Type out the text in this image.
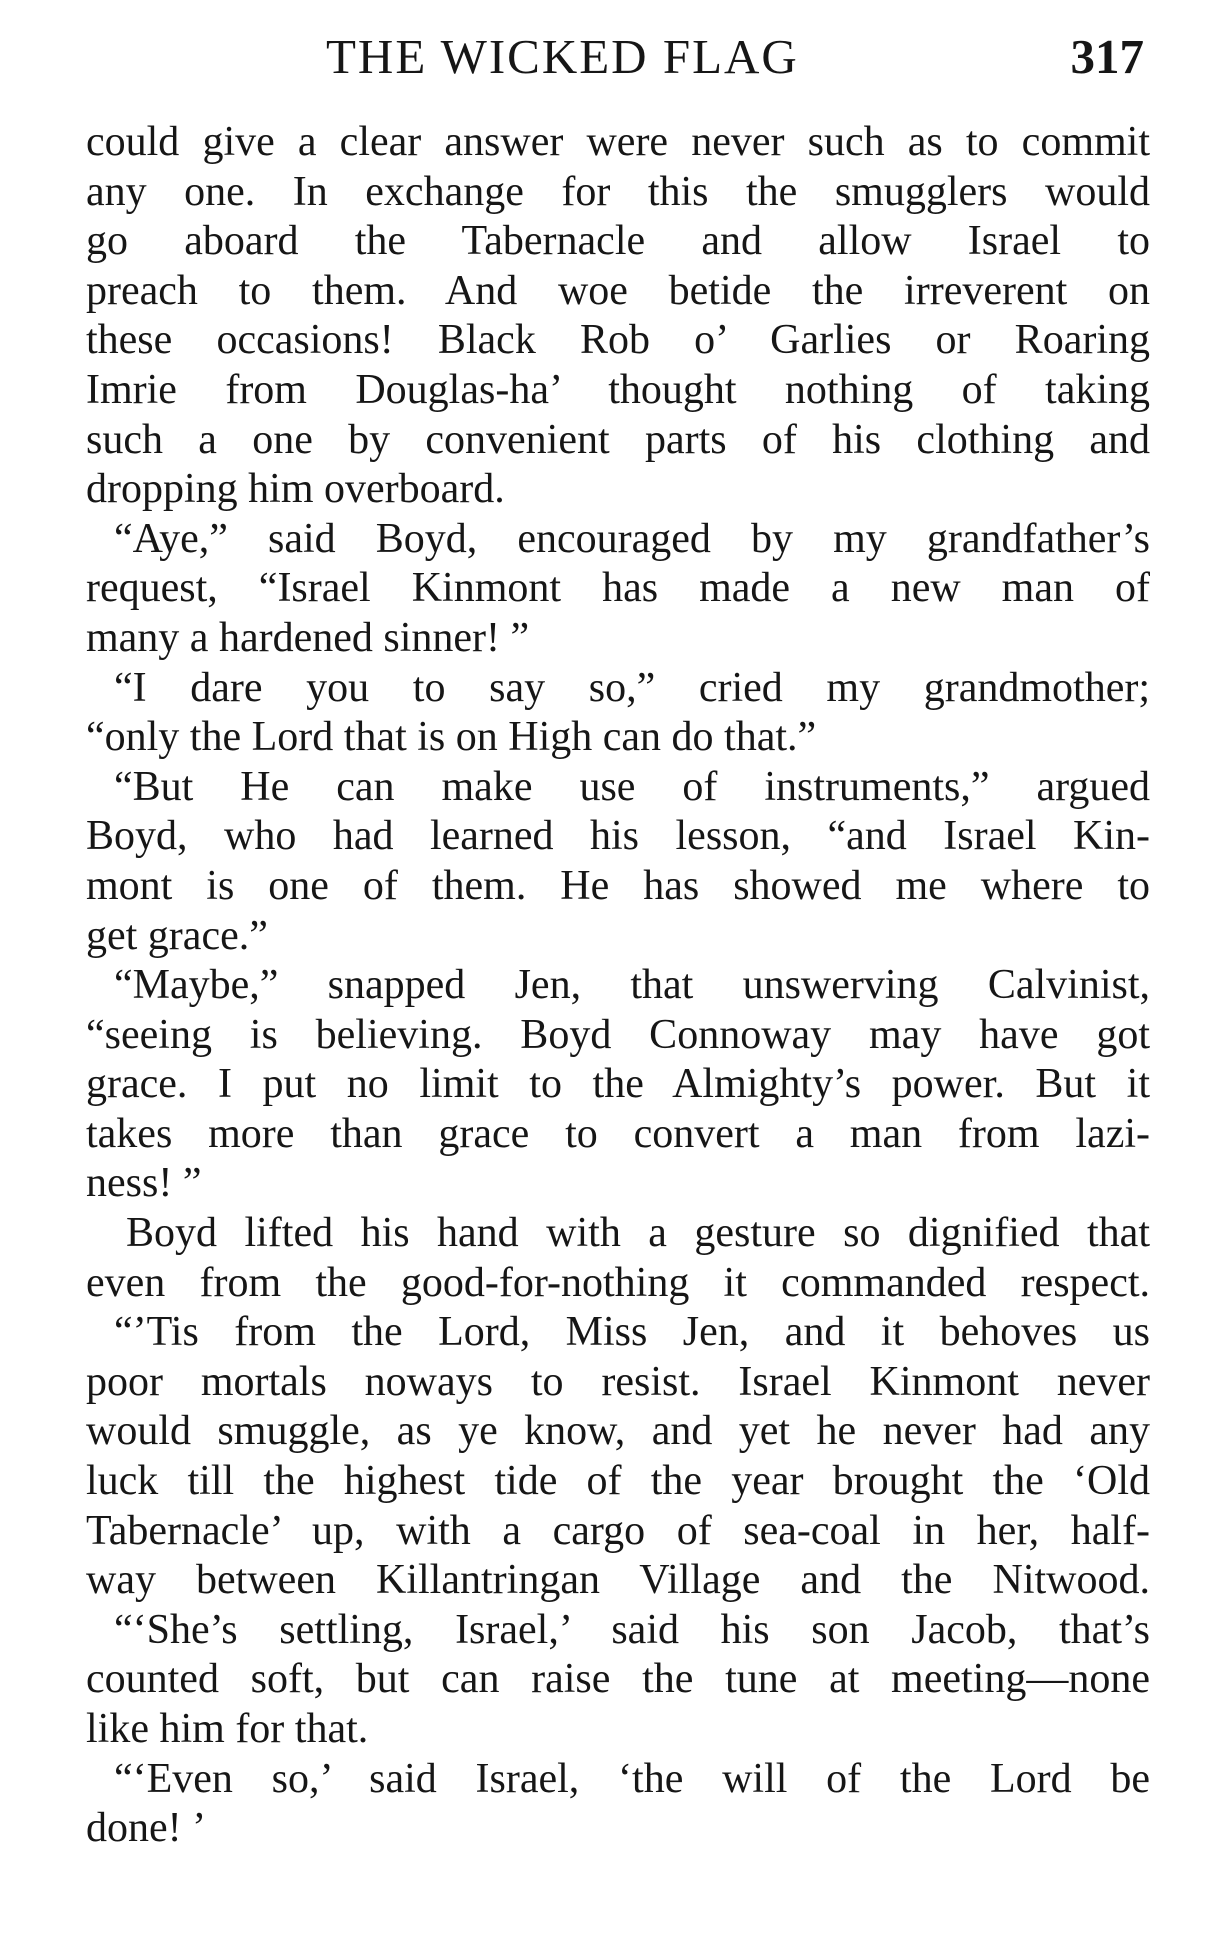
THE WICKED FLAG	317
could give a clear answer were never such as to commit
any one. In exchange for this the smugglers would
go aboard the Tabernacle and allow Israel to
preach to them. And woe betide the irreverent on
these occasions! Black Rob o’ Garlies or Roaring
Imrie from Douglas-ha’ thought nothing of taking
such a one by convenient parts of his clothing and
dropping him overboard.
“Aye,” said Boyd, encouraged by my grandfather’s
request, “Israel Kinmont has made a new man of
many a hardened sinner! ”
“I dare you to say so,” cried my grandmother;
“only the Lord that is on High can do that.”
“But He can make use of instruments,” argued
Boyd, who had learned his lesson, “and Israel Kin-
mont is one of them. He has showed me where to
get grace.”
“Maybe,” snapped Jen, that unswerving Calvinist,
“seeing is believing. Boyd Connoway may have got
grace. I put no limit to the Almighty’s power. But it
takes more than grace to convert a man from lazi-
ness! ”
Boyd lifted his hand with a gesture so dignified that
even from the good-for-nothing it commanded respect.
“’Tis from the Lord, Miss Jen, and it behoves us
poor mortals noways to resist. Israel Kinmont never
would smuggle, as ye know, and yet he never had any
luck till the highest tide of the year brought the ‘Old
Tabernacle’ up, with a cargo of sea-coal in her, half-
way between Killantringan Village and the Nitwood.
“‘She’s settling, Israel,’ said his son Jacob, that’s
counted soft, but can raise the tune at meeting—none
like him for that.
“‘Even so,’ said Israel, ‘the will of the Lord be
done! ’
